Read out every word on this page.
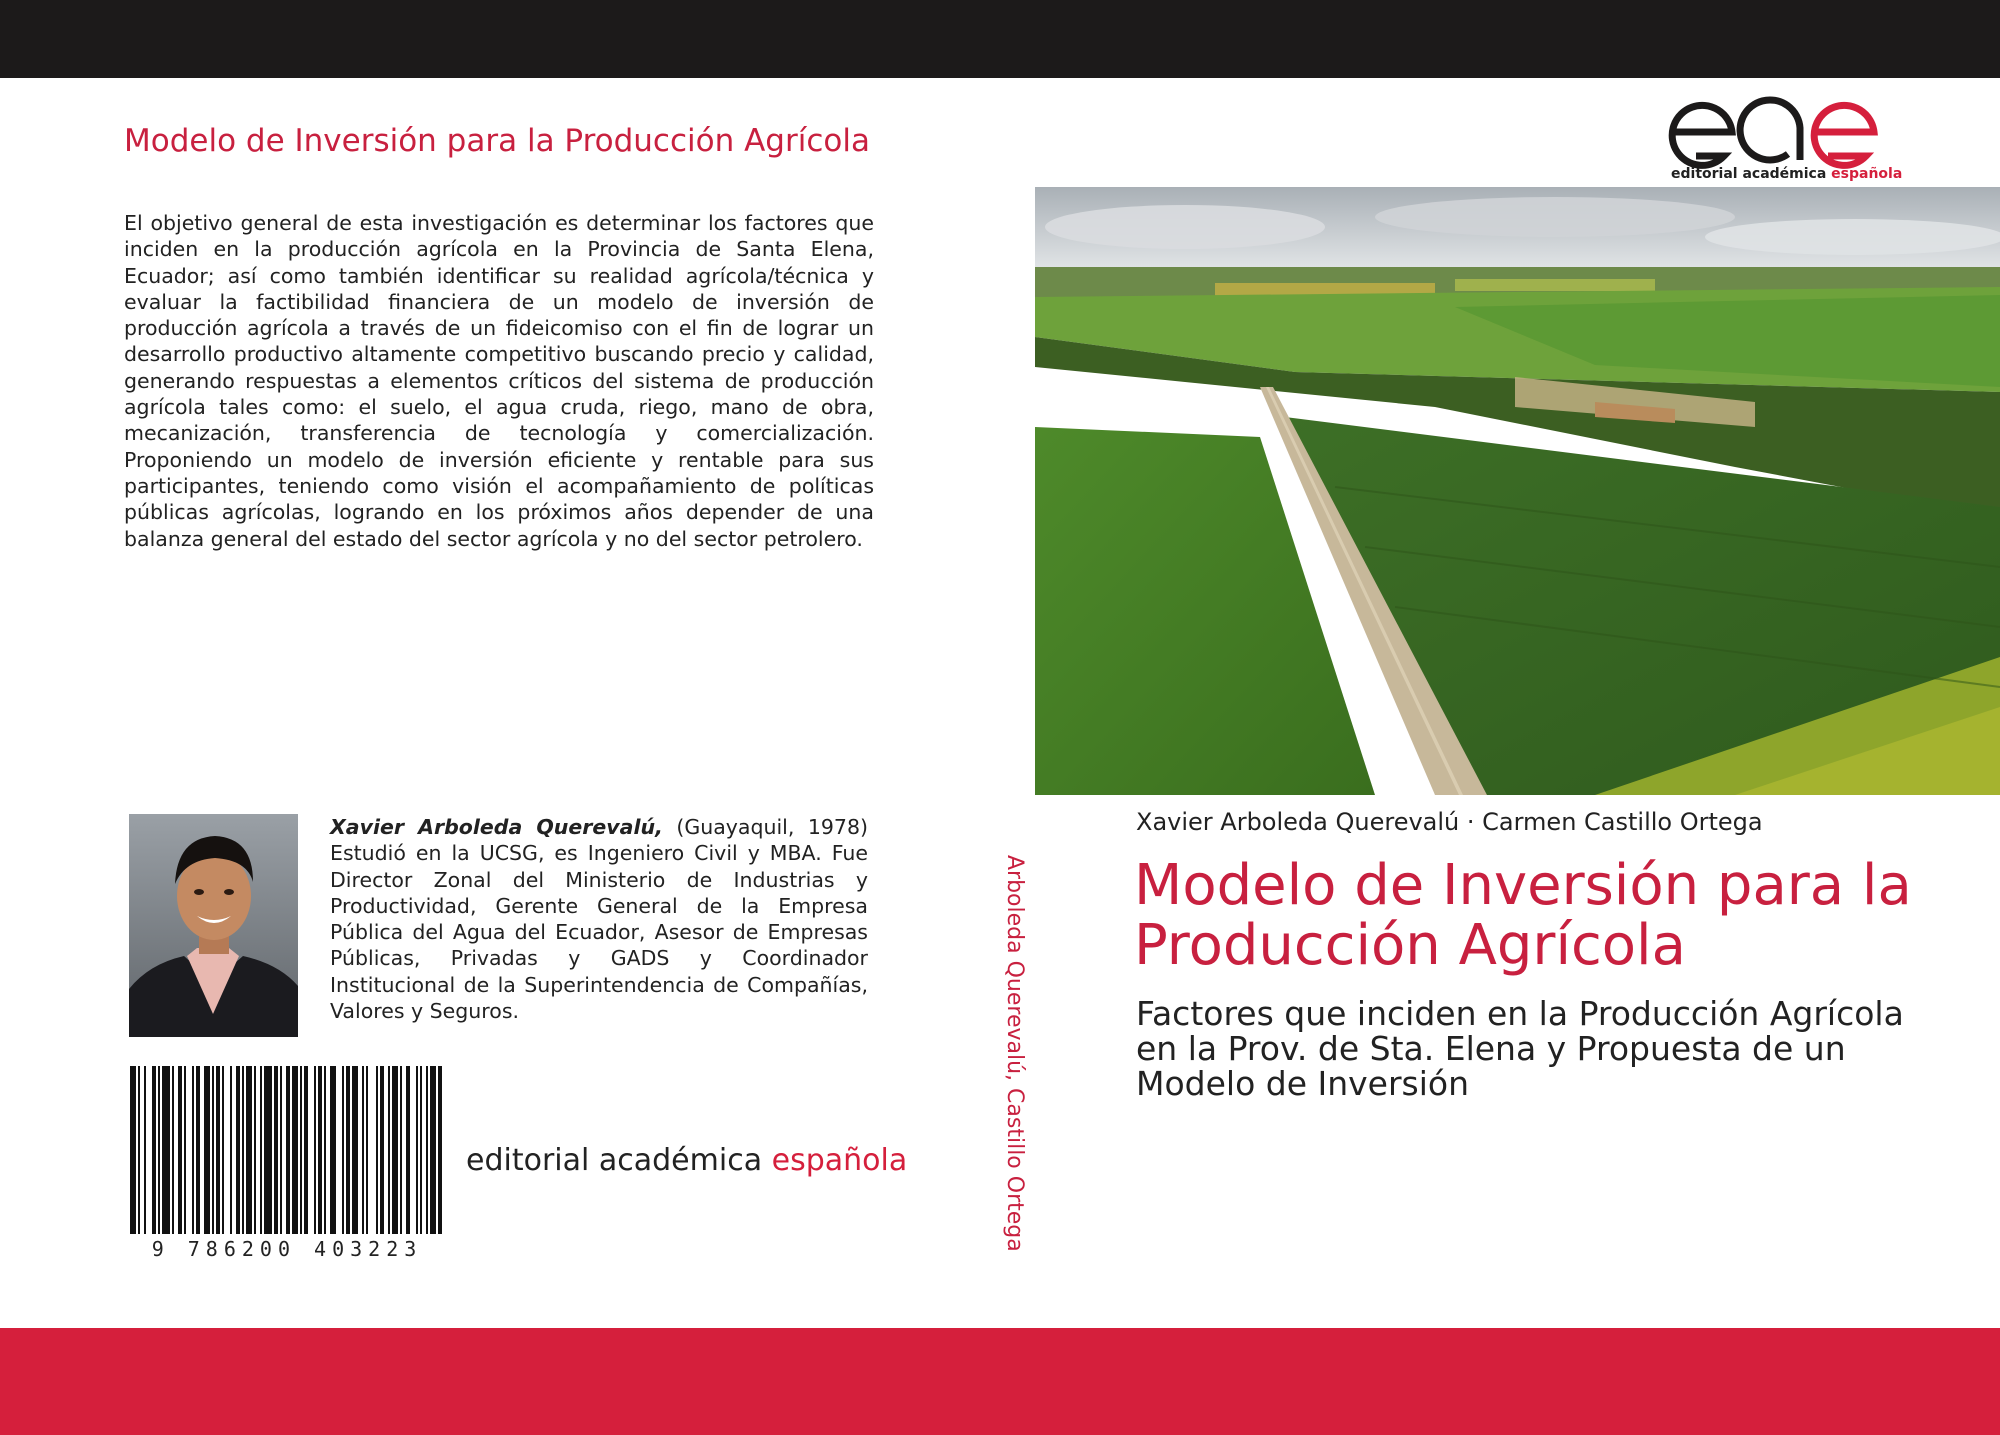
Modelo de Inversión para la Producción Agrícola

El objetivo general de esta investigación es determinar los factores que inciden en la producción agrícola en la Provincia de Santa Elena, Ecuador; así como también identificar su realidad agrícola/técnica y evaluar la factibilidad financiera de un modelo de inversión de producción agrícola a través de un fideicomiso con el fin de lograr un desarrollo productivo altamente competitivo buscando precio y calidad, generando respuestas a elementos críticos del sistema de producción agrícola tales como: el suelo, el agua cruda, riego, mano de obra, mecanización, transferencia de tecnología y comercialización. Proponiendo un modelo de inversión eficiente y rentable para sus participantes, teniendo como visión el acompañamiento de políticas públicas agrícolas, logrando en los próximos años depender de una balanza general del estado del sector agrícola y no del sector petrolero.

Xavier Arboleda Querevalú, (Guayaquil, 1978) Estudió en la UCSG, es Ingeniero Civil y MBA. Fue Director Zonal del Ministerio de Industrias y Productividad, Gerente General de la Empresa Pública del Agua del Ecuador, Asesor de Empresas Públicas, Privadas y GADS y Coordinador Institucional de la Superintendencia de Compañías, Valores y Seguros.

9 786200 403223
editorial académica española	Arboleda Querevalú, Castillo Ortega
editorial académica española
Xavier Arboleda Querevalú · Carmen Castillo Ortega
Modelo de Inversión para la Producción Agrícola

Factores que inciden en la Producción Agrícola en la Prov. de Sta. Elena y Propuesta de un Modelo de Inversión
